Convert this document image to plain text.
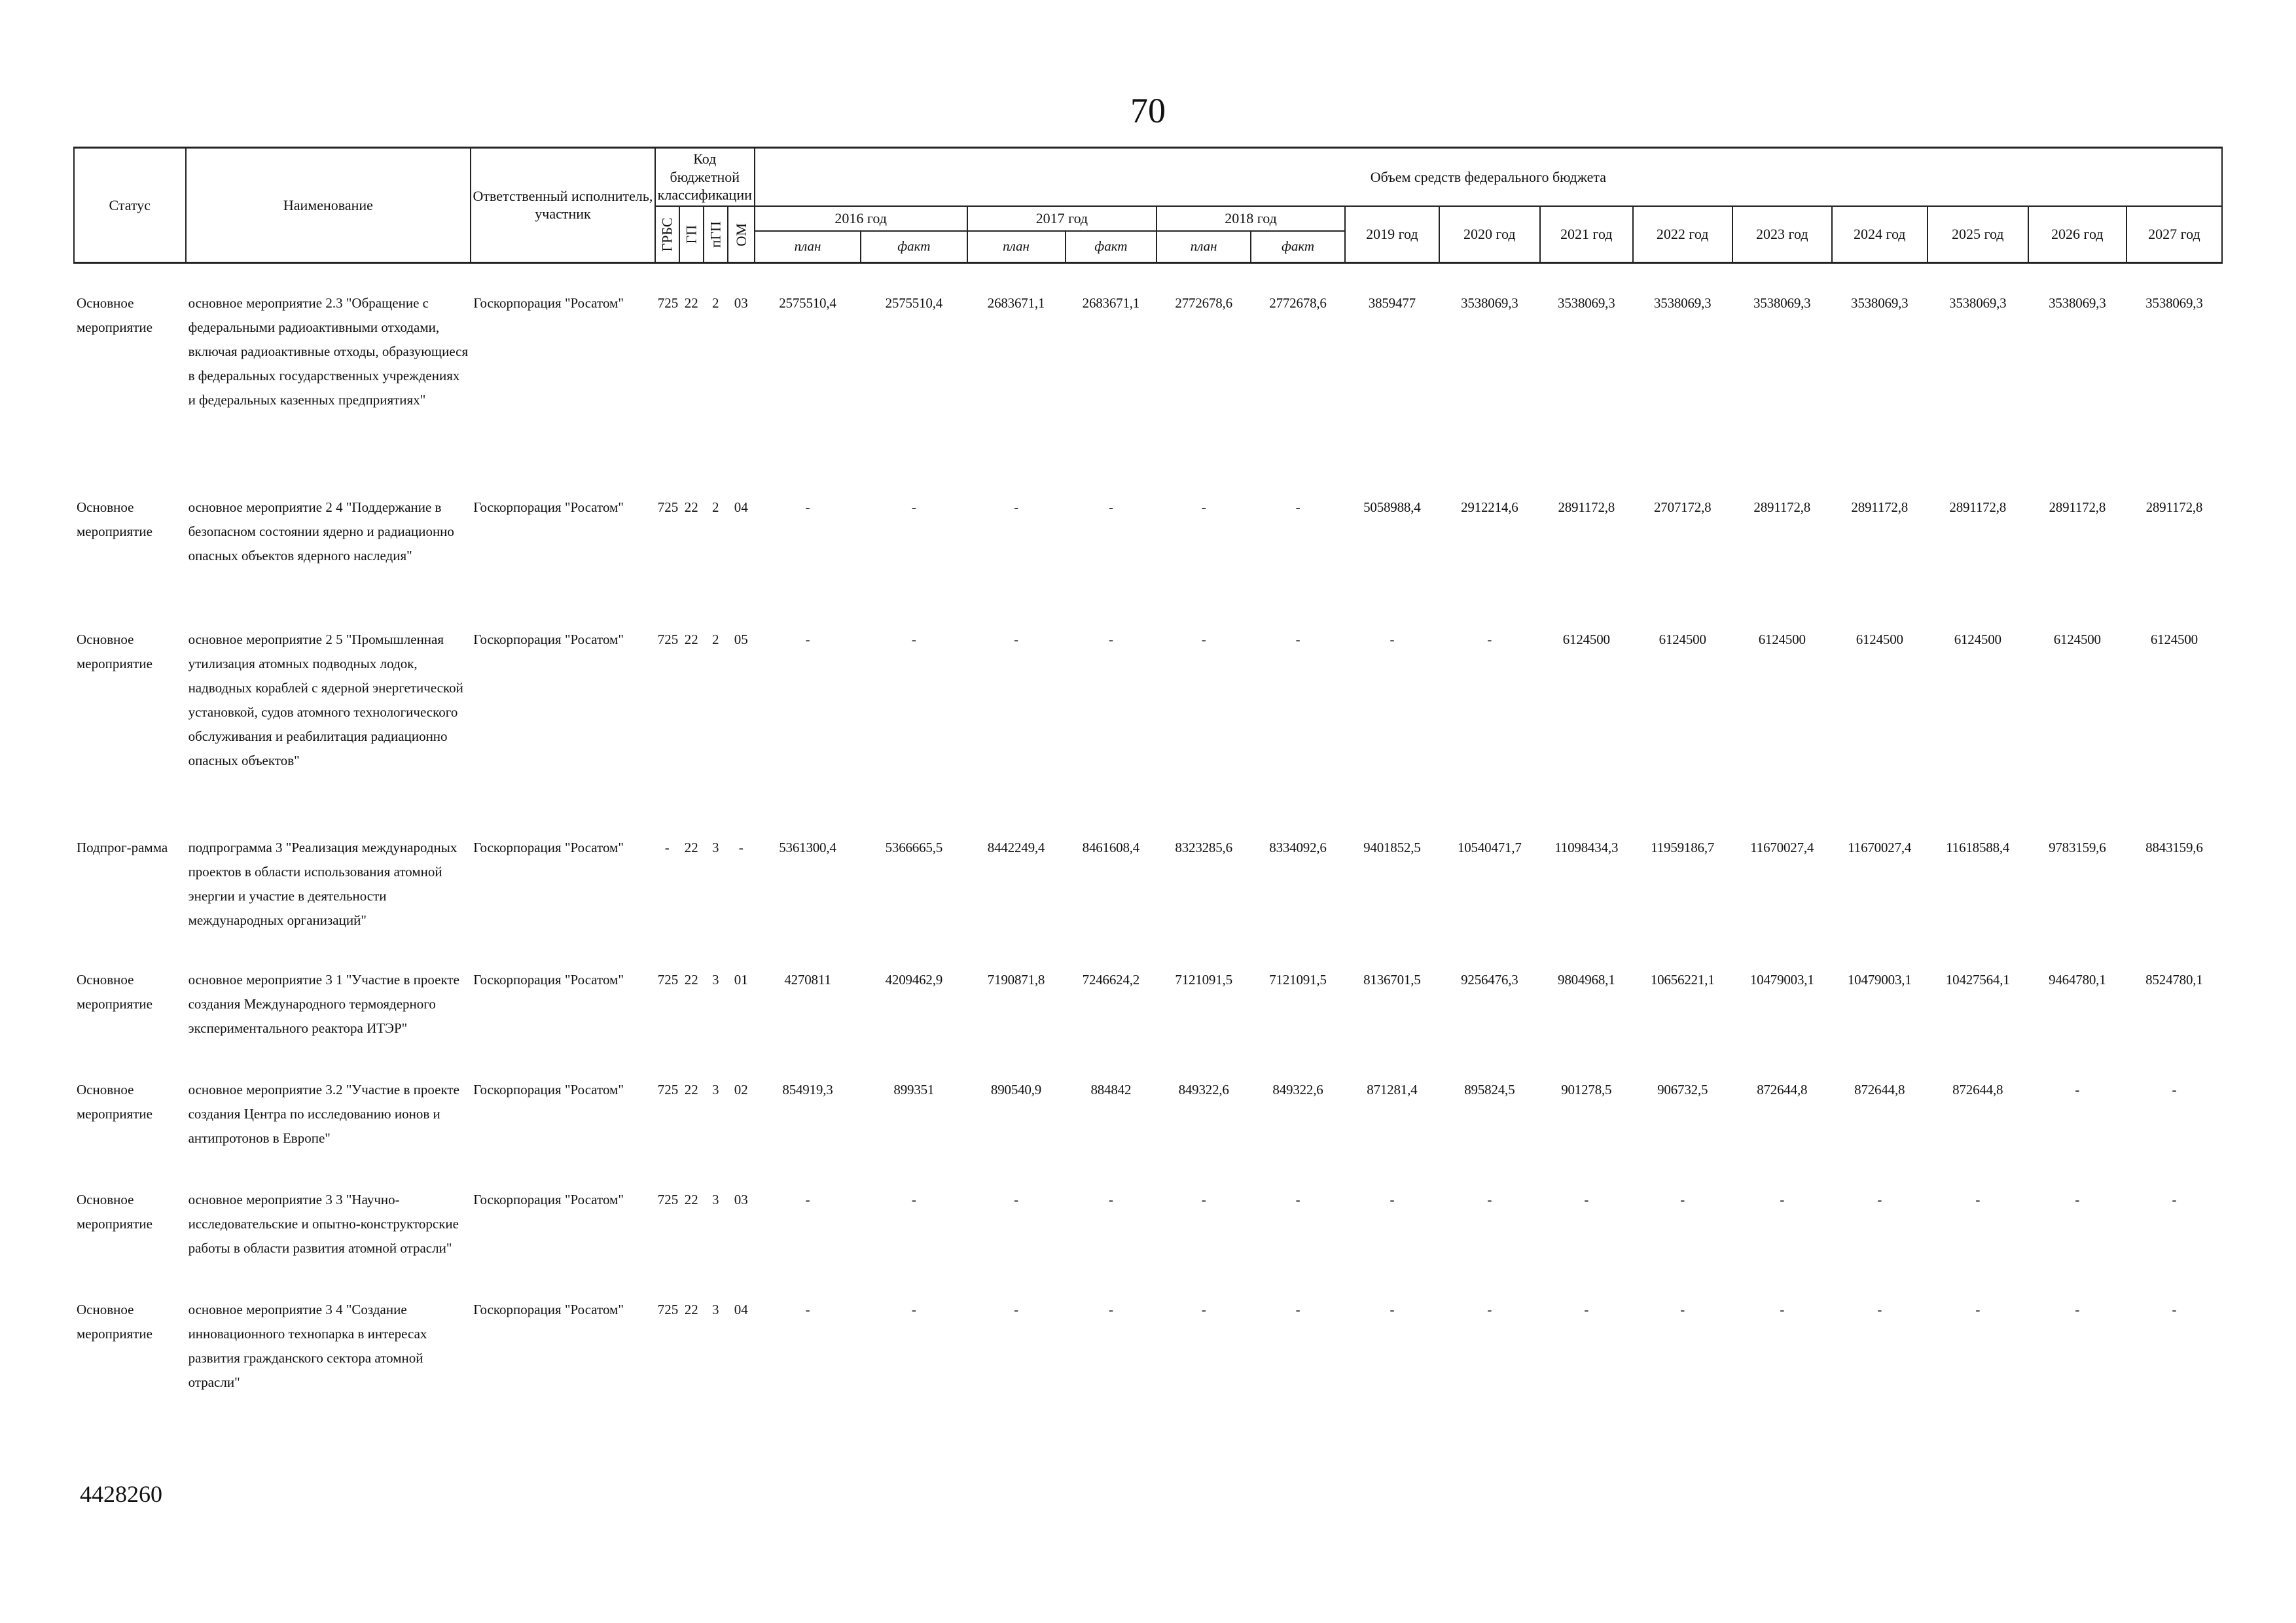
70
Статус	Наименование	Ответственный исполнитель, участник	Код бюджетной классификации				Объем средств федерального бюджета														
			ГРБС	ГП	пГП	ОМ	2016 год		2017 год		2018 год		2019 год	2020 год	2021 год	2022 год	2023 год	2024 год	2025 год	2026 год	2027 год
							план	факт	план	факт	план	факт									
Основное мероприятие	основное мероприятие 2.3 "Обращение с федеральными радиоактивными отходами, включая радиоактивные отходы, образующиеся в федеральных государственных учреждениях и федеральных казенных предприятиях"	Госкорпорация "Росатом"	725	22	2	03	2575510,4	2575510,4	2683671,1	2683671,1	2772678,6	2772678,6	3859477	3538069,3	3538069,3	3538069,3	3538069,3	3538069,3	3538069,3	3538069,3	3538069,3
Основное мероприятие	основное мероприятие 2 4 "Поддержание в безопасном состоянии ядерно и радиационно опасных объектов ядерного наследия"	Госкорпорация "Росатом"	725	22	2	04	-	-	-	-	-	-	5058988,4	2912214,6	2891172,8	2707172,8	2891172,8	2891172,8	2891172,8	2891172,8	2891172,8
Основное мероприятие	основное мероприятие 2 5 "Промышленная утилизация атомных подводных лодок, надводных кораблей с ядерной энергетической установкой, судов атомного технологического обслуживания и реабилитация радиационно опасных объектов"	Госкорпорация "Росатом"	725	22	2	05	-	-	-	-	-	-	-	-	6124500	6124500	6124500	6124500	6124500	6124500	6124500
Подпрог-рамма	подпрограмма 3 "Реализация международных проектов в области использования атомной энергии и участие в деятельности международных организаций"	Госкорпорация "Росатом"	-	22	3	-	5361300,4	5366665,5	8442249,4	8461608,4	8323285,6	8334092,6	9401852,5	10540471,7	11098434,3	11959186,7	11670027,4	11670027,4	11618588,4	9783159,6	8843159,6
Основное мероприятие	основное мероприятие 3 1 "Участие в проекте создания Международного термоядерного экспериментального реактора ИТЭР"	Госкорпорация "Росатом"	725	22	3	01	4270811	4209462,9	7190871,8	7246624,2	7121091,5	7121091,5	8136701,5	9256476,3	9804968,1	10656221,1	10479003,1	10479003,1	10427564,1	9464780,1	8524780,1
Основное мероприятие	основное мероприятие 3.2 "Участие в проекте создания Центра по исследованию ионов и антипротонов в Европе"	Госкорпорация "Росатом"	725	22	3	02	854919,3	899351	890540,9	884842	849322,6	849322,6	871281,4	895824,5	901278,5	906732,5	872644,8	872644,8	872644,8	-	-
Основное мероприятие	основное мероприятие 3 3 "Научно-исследовательские и опытно-конструкторские работы в области развития атомной отрасли"	Госкорпорация "Росатом"	725	22	3	03	-	-	-	-	-	-	-	-	-	-	-	-	-	-	-
Основное мероприятие	основное мероприятие 3 4 "Создание инновационного технопарка в интересах развития гражданского сектора атомной отрасли"	Госкорпорация "Росатом"	725	22	3	04	-	-	-	-	-	-	-	-	-	-	-	-	-	-	-
4428260
